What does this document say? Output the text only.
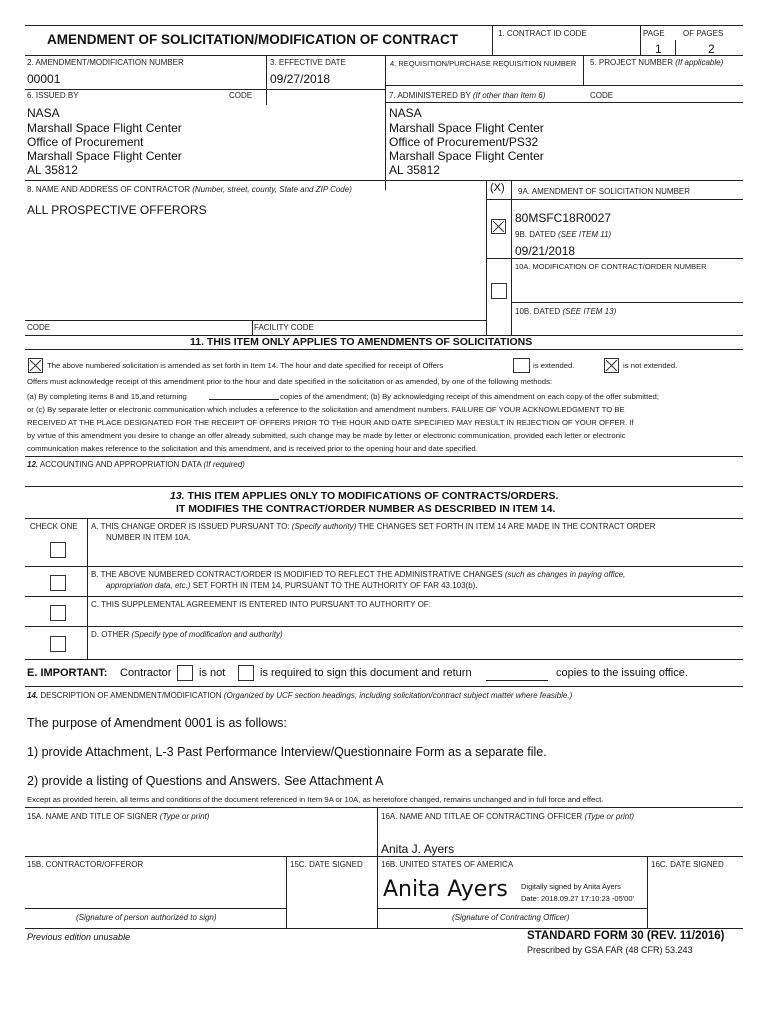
AMENDMENT OF SOLICITATION/MODIFICATION OF CONTRACT	1. CONTRACT ID CODE	PAGE OF PAGES
1	2
2. AMENDMENT/MODIFICATION NUMBER
00001
3. EFFECTIVE DATE
09/27/2018
4. REQUISITION/PURCHASE REQUISITION NUMBER 5. PROJECT NUMBER (If applicable)
6. ISSUED BY	CODE
NASA
Marshall Space Flight Center
Office of Procurement
Marshall Space Flight Center
AL 35812
7. ADMINISTERED BY (If other than Item 6)	CODE
NASA
Marshall Space Flight Center
Office of Procurement/PS32
Marshall Space Flight Center
AL 35812
8. NAME AND ADDRESS OF CONTRACTOR (Number, street, county, State and ZIP Code)
ALL PROSPECTIVE OFFERORS
(X) 9A. AMENDMENT OF SOLICITATION NUMBER
80MSFC18R0027
9B. DATED (SEE ITEM 11)
09/21/2018
10A. MODIFICATION OF CONTRACT/ORDER NUMBER
10B. DATED (SEE ITEM 13)
CODE	FACILITY CODE
11. THIS ITEM ONLY APPLIES TO AMENDMENTS OF SOLICITATIONS
The above numbered solicitation is amended as set forth in Item 14. The hour and date specified for receipt of Offers	is extended.	is not extended.
Offers must acknowledge receipt of this amendment prior to the hour and date specified in the solicitation or as amended, by one of the following methods:
(a) By completing items 8 and 15,and returning	copies of the amendment; (b) By acknowledging receipt of this amendment on each copy of the offer submitted;
or (c) By separate letter or electronic communication which includes a reference to the solicitation and amendment numbers. FAILURE OF YOUR ACKNOWLEDGMENT TO BE
RECEIVED AT THE PLACE DESIGNATED FOR THE RECEIPT OF OFFERS PRIOR TO THE HOUR AND DATE SPECIFIED MAY RESULT IN REJECTION OF YOUR OFFER. If
by virtue of this amendment you desire to change an offer already submitted, such change may be made by letter or electronic communication, provided each letter or electronic
communication makes reference to the solicitation and this amendment, and is received prior to the opening hour and date specified.
12. ACCOUNTING AND APPROPRIATION DATA (If required)
13. THIS ITEM APPLIES ONLY TO MODIFICATIONS OF CONTRACTS/ORDERS.
IT MODIFIES THE CONTRACT/ORDER NUMBER AS DESCRIBED IN ITEM 14.
CHECK ONE A. THIS CHANGE ORDER IS ISSUED PURSUANT TO: (Specify authority) THE CHANGES SET FORTH IN ITEM 14 ARE MADE IN THE CONTRACT ORDER
NUMBER IN ITEM 10A.
B. THE ABOVE NUMBERED CONTRACT/ORDER IS MODIFIED TO REFLECT THE ADMINISTRATIVE CHANGES (such as changes in paying office,
appropriation data, etc.) SET FORTH IN ITEM 14, PURSUANT TO THE AUTHORITY OF FAR 43.103(b).
C. THIS SUPPLEMENTAL AGREEMENT IS ENTERED INTO PURSUANT TO AUTHORITY OF:
D. OTHER (Specify type of modification and authority)
E. IMPORTANT: Contractor	is not	is required to sign this document and return	copies to the issuing office.
14. DESCRIPTION OF AMENDMENT/MODIFICATION (Organized by UCF section headings, including solicitation/contract subject matter where feasible.)
The purpose of Amendment 0001 is as follows:
1) provide Attachment, L-3 Past Performance Interview/Questionnaire Form as a separate file.
2) provide a listing of Questions and Answers. See Attachment A
Except as provided herein, all terms and conditions of the document referenced in Item 9A or 10A, as heretofore changed, remains unchanged and in full force and effect.
15A. NAME AND TITLE OF SIGNER (Type or print)	16A. NAME AND TITLAE OF CONTRACTING OFFICER (Type or print)
Anita J. Ayers
15B. CONTRACTOR/OFFEROR	15C. DATE SIGNED 16B. UNITED STATES OF AMERICA	16C. DATE SIGNED
Anita Ayers Digitally signed by Anita Ayers
Date: 2018.09.27 17:10:23 -05'00'
(Signature of person authorized to sign)	(Signature of Contracting Officer)
Previous edition unusable	STANDARD FORM 30 (REV. 11/2016)
Prescribed by GSA FAR (48 CFR) 53.243
